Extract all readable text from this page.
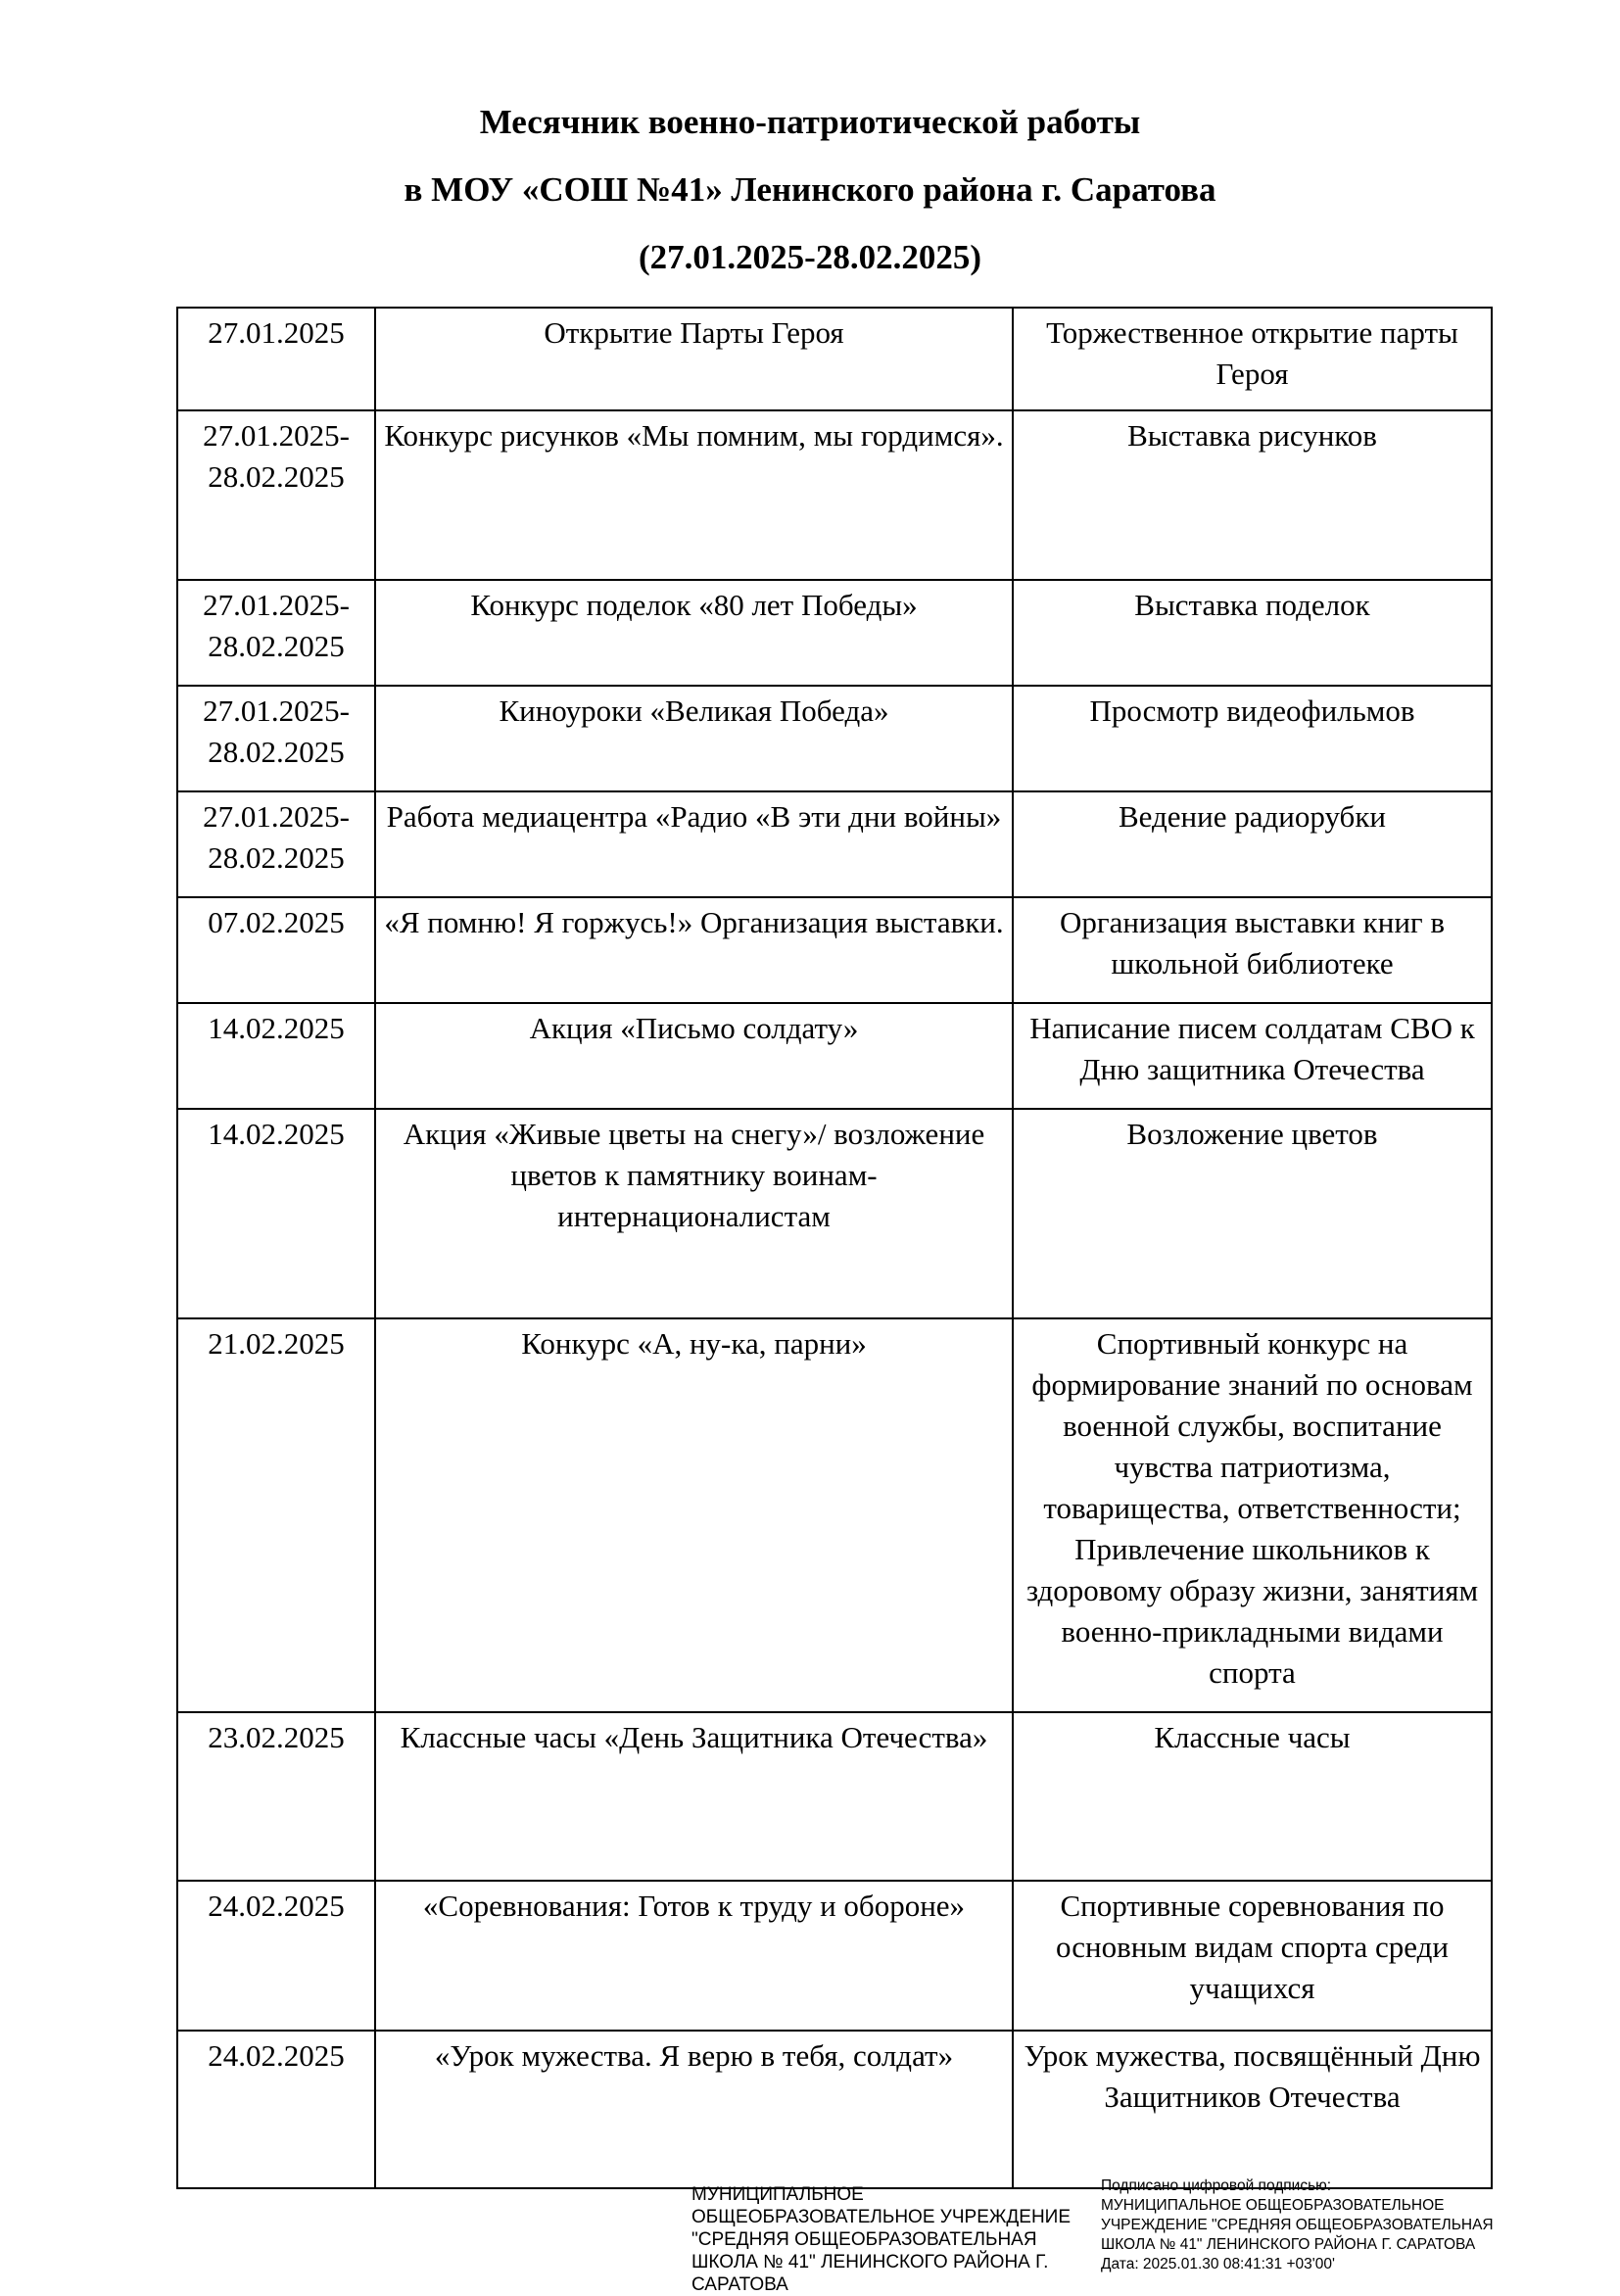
Месячник военно-патриотической работы
в МОУ «СОШ №41» Ленинского района г. Саратова
(27.01.2025-28.02.2025)
27.01.2025	Открытие Парты Героя	Торжественное открытие парты Героя
27.01.2025-28.02.2025	Конкурс рисунков «Мы помним, мы гордимся».	Выставка рисунков
27.01.2025-28.02.2025	Конкурс поделок «80 лет Победы»	Выставка поделок
27.01.2025-28.02.2025	Киноуроки «Великая Победа»	Просмотр видеофильмов
27.01.2025-28.02.2025	Работа медиацентра «Радио «В эти дни войны»	Ведение радиорубки
07.02.2025	«Я помню! Я горжусь!» Организация выставки.	Организация выставки книг в школьной библиотеке
14.02.2025	Акция «Письмо солдату»	Написание писем солдатам СВО к Дню защитника Отечества
14.02.2025	Акция «Живые цветы на снегу»/ возложение цветов к памятнику воинам-интернационалистам	Возложение цветов
21.02.2025	Конкурс «А, ну-ка, парни»	Спортивный конкурс на формирование знаний по основам военной службы, воспитание чувства патриотизма, товарищества, ответственности; Привлечение школьников к здоровому образу жизни, занятиям военно-прикладными видами спорта
23.02.2025	Классные часы «День Защитника Отечества»	Классные часы
24.02.2025	«Соревнования: Готов к труду и обороне»	Спортивные соревнования по основным видам спорта среди учащихся
24.02.2025	«Урок мужества. Я верю в тебя, солдат»	Урок мужества, посвящённый Дню Защитников Отечества
МУНИЦИПАЛЬНОЕ ОБЩЕОБРАЗОВАТЕЛЬНОЕ УЧРЕЖДЕНИЕ "СРЕДНЯЯ ОБЩЕОБРАЗОВАТЕЛЬНАЯ ШКОЛА № 41" ЛЕНИНСКОГО РАЙОНА Г. САРАТОВА
Подписано цифровой подписью:
МУНИЦИПАЛЬНОЕ ОБЩЕОБРАЗОВАТЕЛЬНОЕ
УЧРЕЖДЕНИЕ "СРЕДНЯЯ ОБЩЕОБРАЗОВАТЕЛЬНАЯ
ШКОЛА № 41" ЛЕНИНСКОГО РАЙОНА Г. САРАТОВА
Дата: 2025.01.30 08:41:31 +03'00'
